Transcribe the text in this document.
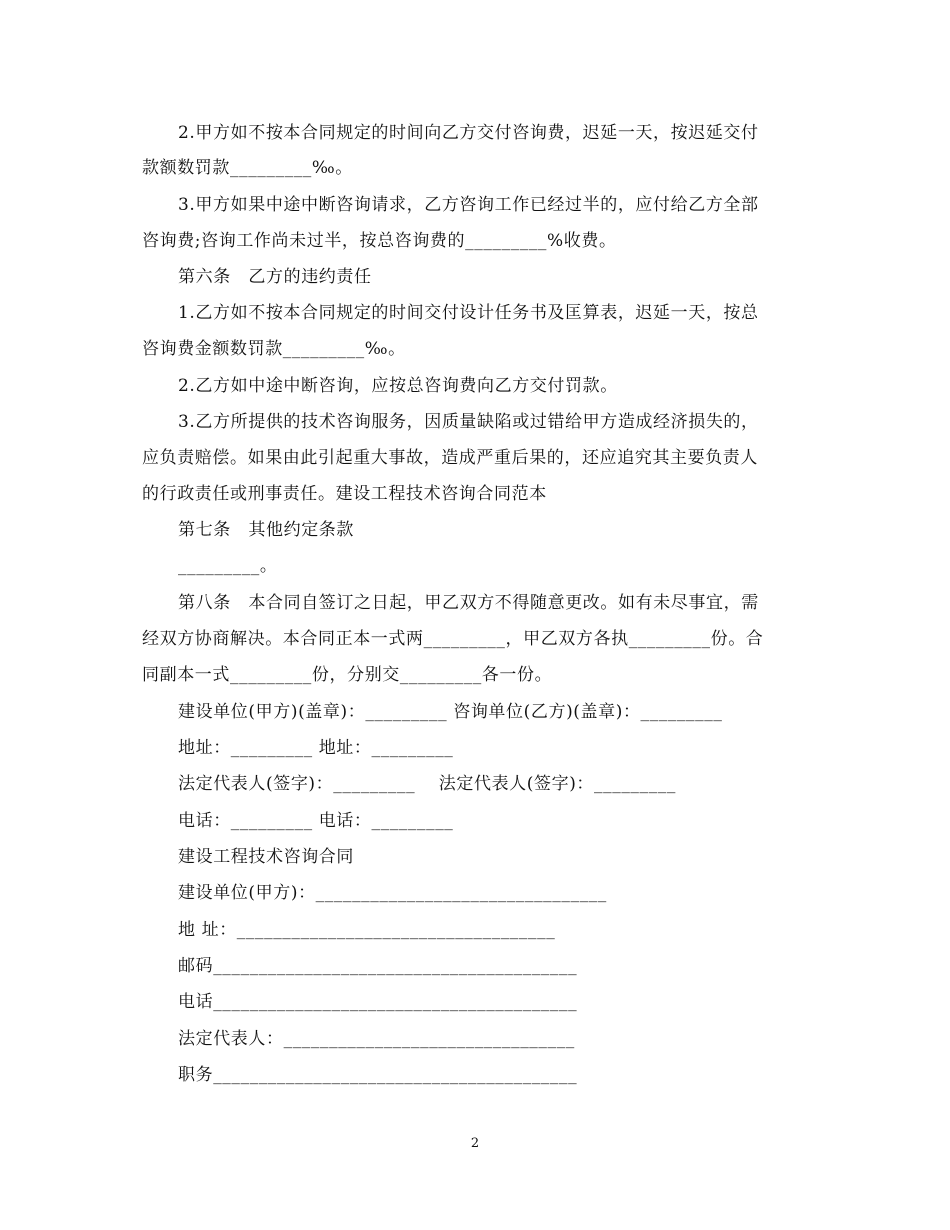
2.甲方如不按本合同规定的时间向乙方交付咨询费，迟延一天，按迟延交付
款额数罚款_________‰。
3.甲方如果中途中断咨询请求，乙方咨询工作已经过半的，应付给乙方全部
咨询费;咨询工作尚未过半，按总咨询费的_________%收费。
第六条　乙方的违约责任
1.乙方如不按本合同规定的时间交付设计任务书及匡算表，迟延一天，按总
咨询费金额数罚款_________‰。
2.乙方如中途中断咨询，应按总咨询费向乙方交付罚款。
3.乙方所提供的技术咨询服务，因质量缺陷或过错给甲方造成经济损失的，
应负责赔偿。如果由此引起重大事故，造成严重后果的，还应追究其主要负责人
的行政责任或刑事责任。建设工程技术咨询合同范本
第七条　其他约定条款
_________。
第八条　本合同自签订之日起，甲乙双方不得随意更改。如有未尽事宜，需
经双方协商解决。本合同正本一式两_________，甲乙双方各执_________份。合
同副本一式_________份，分别交_________各一份。
建设单位(甲方)(盖章)：_________ 咨询单位(乙方)(盖章)：_________
地址：_________ 地址：_________
法定代表人(签字)：_________　 法定代表人(签字)：_________
电话：_________ 电话：_________
建设工程技术咨询合同
建设单位(甲方)：________________________________
地 址：___________________________________
邮码________________________________________
电话________________________________________
法定代表人：________________________________
职务________________________________________
2
